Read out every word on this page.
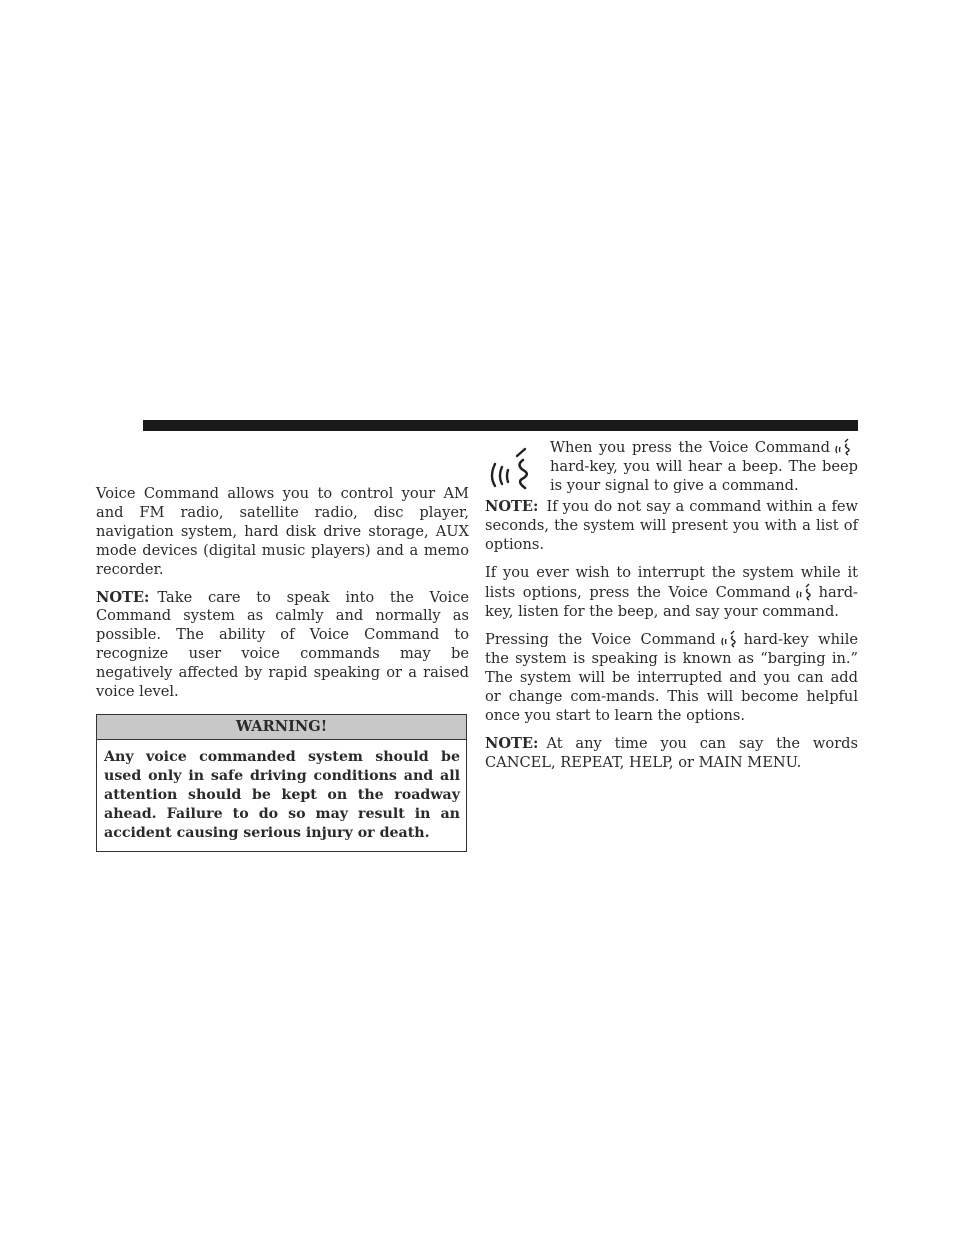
Voice Command allows you to control your AM and FM radio, satellite radio, disc player, navigation system, hard disk drive storage, AUX mode devices (digital music players) and a memo recorder.

NOTE: Take care to speak into the Voice Command system as calmly and normally as possible. The ability of Voice Command to recognize user voice commands may be negatively affected by rapid speaking or a raised voice level.

WARNING!
Any voice commanded system should be used only in safe driving conditions and all attention should be kept on the roadway ahead. Failure to do so may result in an accident causing serious injury or death.

When you press the Voice Commandhard-key, you will hear a beep. The beep is your signal to give a command.

NOTE: If you do not say a command within a few seconds, the system will present you with a list of options.

If you ever wish to interrupt the system while it lists options, press the Voice Command hard-key, listen for the beep, and say your command.

Pressing the Voice Command hard-key while the system is speaking is known as “barging in.” The system will be interrupted and you can add or change com-mands. This will become helpful once you start to learn the options.

NOTE: At any time you can say the words CANCEL, REPEAT, HELP, or MAIN MENU.
